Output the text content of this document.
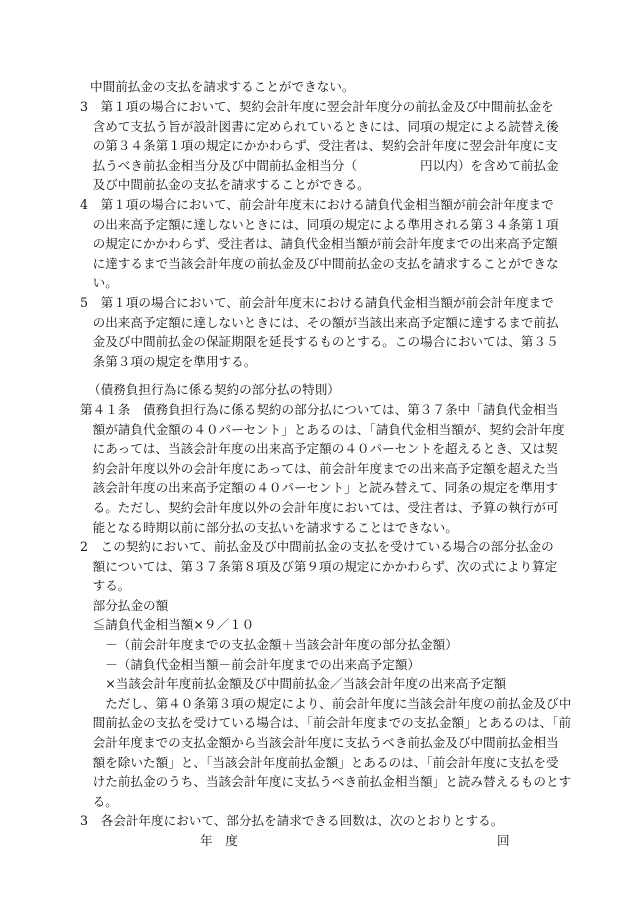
中間前払金の支払を請求することができない。
3　第１項の場合において、契約会計年度に翌会計年度分の前払金及び中間前払金を
　含めて支払う旨が設計図書に定められているときには、同項の規定による読替え後
　の第３４条第１項の規定にかかわらず、受注者は、契約会計年度に翌会計年度に支
　払うべき前払金相当分及び中間前払金相当分（　　　　　円以内）を含めて前払金
　及び中間前払金の支払を請求することができる。
4　第１項の場合において、前会計年度末における請負代金相当額が前会計年度まで
　の出来高予定額に達しないときには、同項の規定による準用される第３４条第１項
　の規定にかかわらず、受注者は、請負代金相当額が前会計年度までの出来高予定額
　に達するまで当該会計年度の前払金及び中間前払金の支払を請求することができな
　い。
5　第１項の場合において、前会計年度末における請負代金相当額が前会計年度まで
　の出来高予定額に達しないときには、その額が当該出来高予定額に達するまで前払
　金及び中間前払金の保証期限を延長するものとする。この場合においては、第３５
　条第３項の規定を準用する。
（債務負担行為に係る契約の部分払の特則）
第４１条　債務負担行為に係る契約の部分払については、第３７条中「請負代金相当
　額が請負代金額の４０パーセント」とあるのは、「請負代金相当額が、契約会計年度
　にあっては、当該会計年度の出来高予定額の４０パーセントを超えるとき、又は契
　約会計年度以外の会計年度にあっては、前会計年度までの出来高予定額を超えた当
　該会計年度の出来高予定額の４０パーセント」と読み替えて、同条の規定を準用す
　る。ただし、契約会計年度以外の会計年度においては、受注者は、予算の執行が可
　能となる時期以前に部分払の支払いを請求することはできない。
2　この契約において、前払金及び中間前払金の支払を受けている場合の部分払金の
　額については、第３７条第８項及び第９項の規定にかかわらず、次の式により算定
　する。
　部分払金の額
　≦請負代金相当額×９／１０
　　－（前会計年度までの支払金額＋当該会計年度の部分払金額）
　　－（請負代金相当額－前会計年度までの出来高予定額）
　　×当該会計年度前払金額及び中間前払金／当該会計年度の出来高予定額
　　ただし、第４０条第３項の規定により、前会計年度に当該会計年度の前払金及び中
　間前払金の支払を受けている場合は、「前会計年度までの支払金額」とあるのは、「前
　会計年度までの支払金額から当該会計年度に支払うべき前払金及び中間前払金相当
　額を除いた額」と、「当該会計年度前払金額」とあるのは、「前会計年度に支払を受
　けた前払金のうち、当該会計年度に支払うべき前払金相当額」と読み替えるものとす
　る。
3　各会計年度において、部分払を請求できる回数は、次のとおりとする。
年　度	回
